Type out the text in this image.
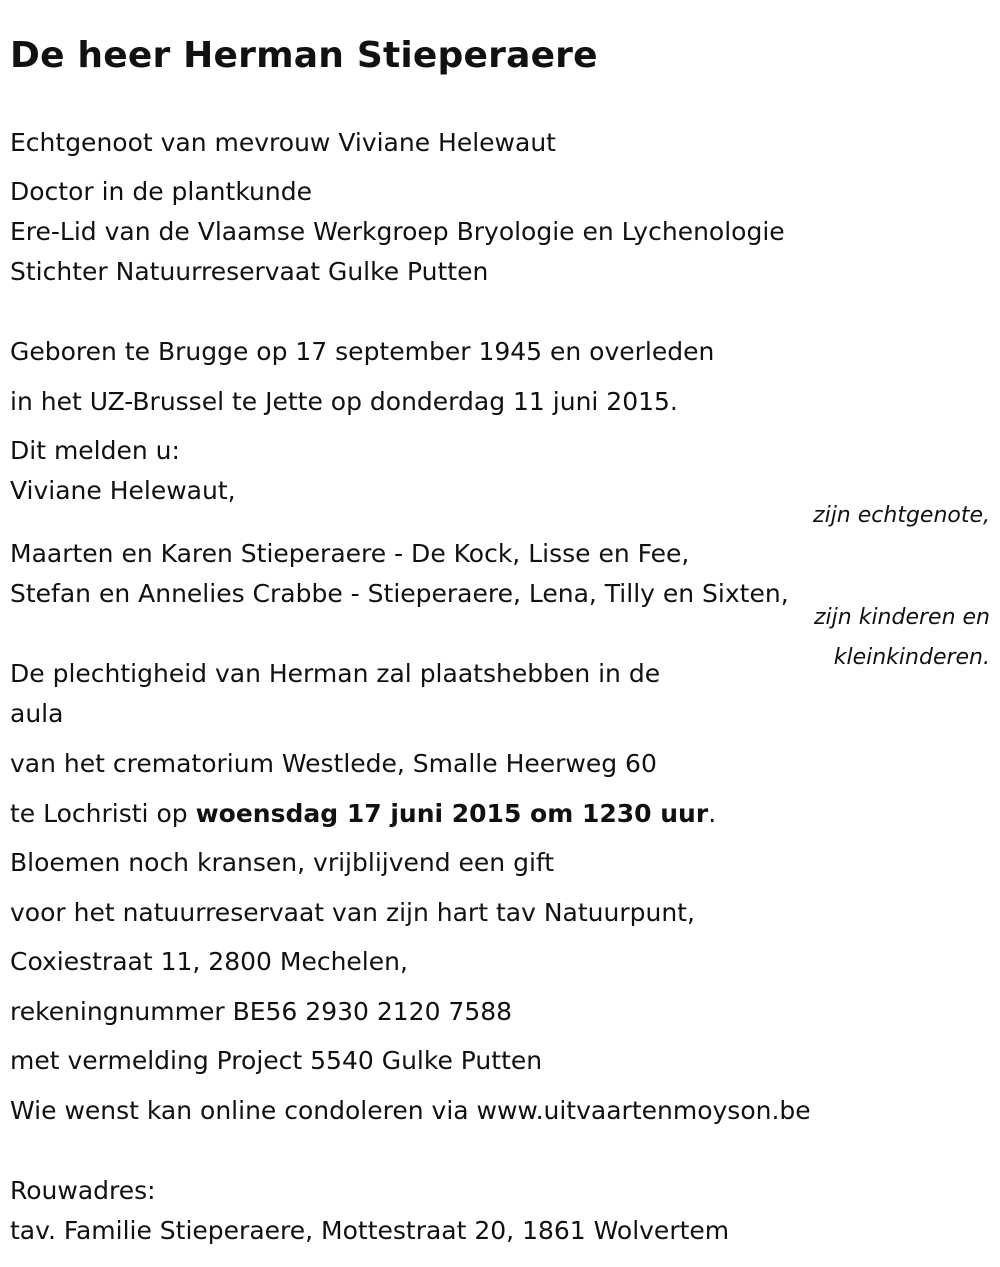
De heer Herman Stieperaere

Echtgenoot van mevrouw Viviane Helewaut

Doctor in de plantkunde

Ere-Lid van de Vlaamse Werkgroep Bryologie en Lychenologie

Stichter Natuurreservaat Gulke Putten

Geboren te Brugge op 17 september 1945 en overleden

in het UZ-Brussel te Jette op donderdag 11 juni 2015.

Dit melden u:

Viviane Helewaut,

zijn echtgenote,

Maarten en Karen Stieperaere - De Kock, Lisse en Fee,

Stefan en Annelies Crabbe - Stieperaere, Lena, Tilly en Sixten,

zijn kinderen en
kleinkinderen.

De plechtigheid van Herman zal plaatshebben in de aula

van het crematorium Westlede, Smalle Heerweg 60

te Lochristi op woensdag 17 juni 2015 om 1230 uur.

Bloemen noch kransen, vrijblijvend een gift

voor het natuurreservaat van zijn hart tav Natuurpunt,

Coxiestraat 11, 2800 Mechelen,

rekeningnummer BE56 2930 2120 7588

met vermelding Project 5540 Gulke Putten

Wie wenst kan online condoleren via www.uitvaartenmoyson.be

Rouwadres:

tav. Familie Stieperaere, Mottestraat 20, 1861 Wolvertem
